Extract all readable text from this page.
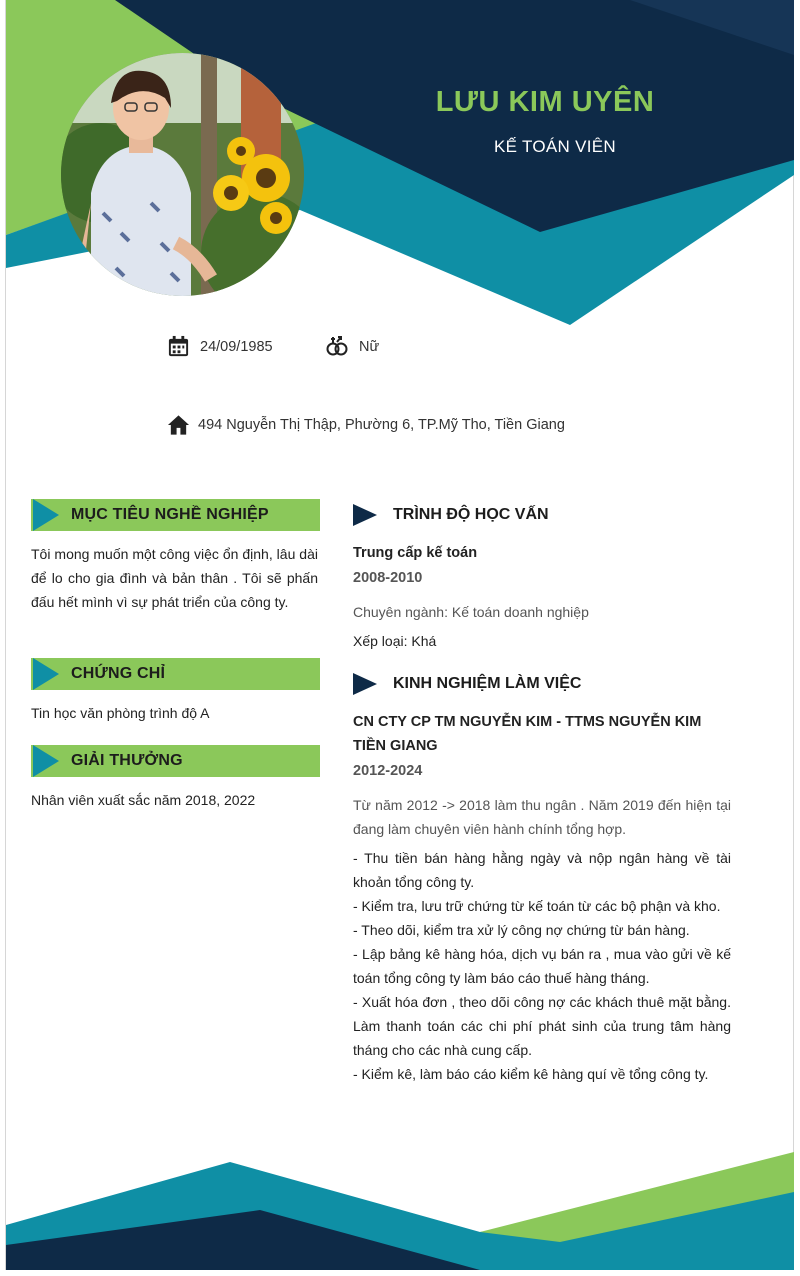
LƯU KIM UYÊN
KẾ TOÁN VIÊN
24/09/1985	Nữ
494 Nguyễn Thị Thập, Phường 6, TP.Mỹ Tho, Tiền Giang
MỤC TIÊU NGHỀ NGHIỆP
Tôi mong muốn một công việc ổn định, lâu dài để lo cho gia đình và bản thân . Tôi sẽ phấn đấu hết mình vì sự phát triển của công ty.
CHỨNG CHỈ
Tin học văn phòng trình độ A
GIẢI THƯỞNG
Nhân viên xuất sắc năm 2018, 2022
TRÌNH ĐỘ HỌC VẤN
Trung cấp kế toán
2008-2010
Chuyên ngành: Kế toán doanh nghiệp
Xếp loại: Khá
KINH NGHIỆM LÀM VIỆC
CN CTY CP TM NGUYỄN KIM - TTMS NGUYỄN KIM
TIỀN GIANG
2012-2024
Từ năm 2012 -> 2018 làm thu ngân . Năm 2019 đến hiện tại đang làm chuyên viên hành chính tổng hợp.
- Thu tiền bán hàng hằng ngày và nộp ngân hàng về tài khoản tổng công ty.
- Kiểm tra, lưu trữ chứng từ kế toán từ các bộ phận và kho.
- Theo dõi, kiểm tra xử lý công nợ chứng từ bán hàng.
- Lập bảng kê hàng hóa, dịch vụ bán ra , mua vào gửi về kế toán tổng công ty làm báo cáo thuế hàng tháng.
- Xuất hóa đơn , theo dõi công nợ các khách thuê mặt bằng. Làm thanh toán các chi phí phát sinh của trung tâm hàng tháng cho các nhà cung cấp.
- Kiểm kê, làm báo cáo kiểm kê hàng quí về tổng công ty.
